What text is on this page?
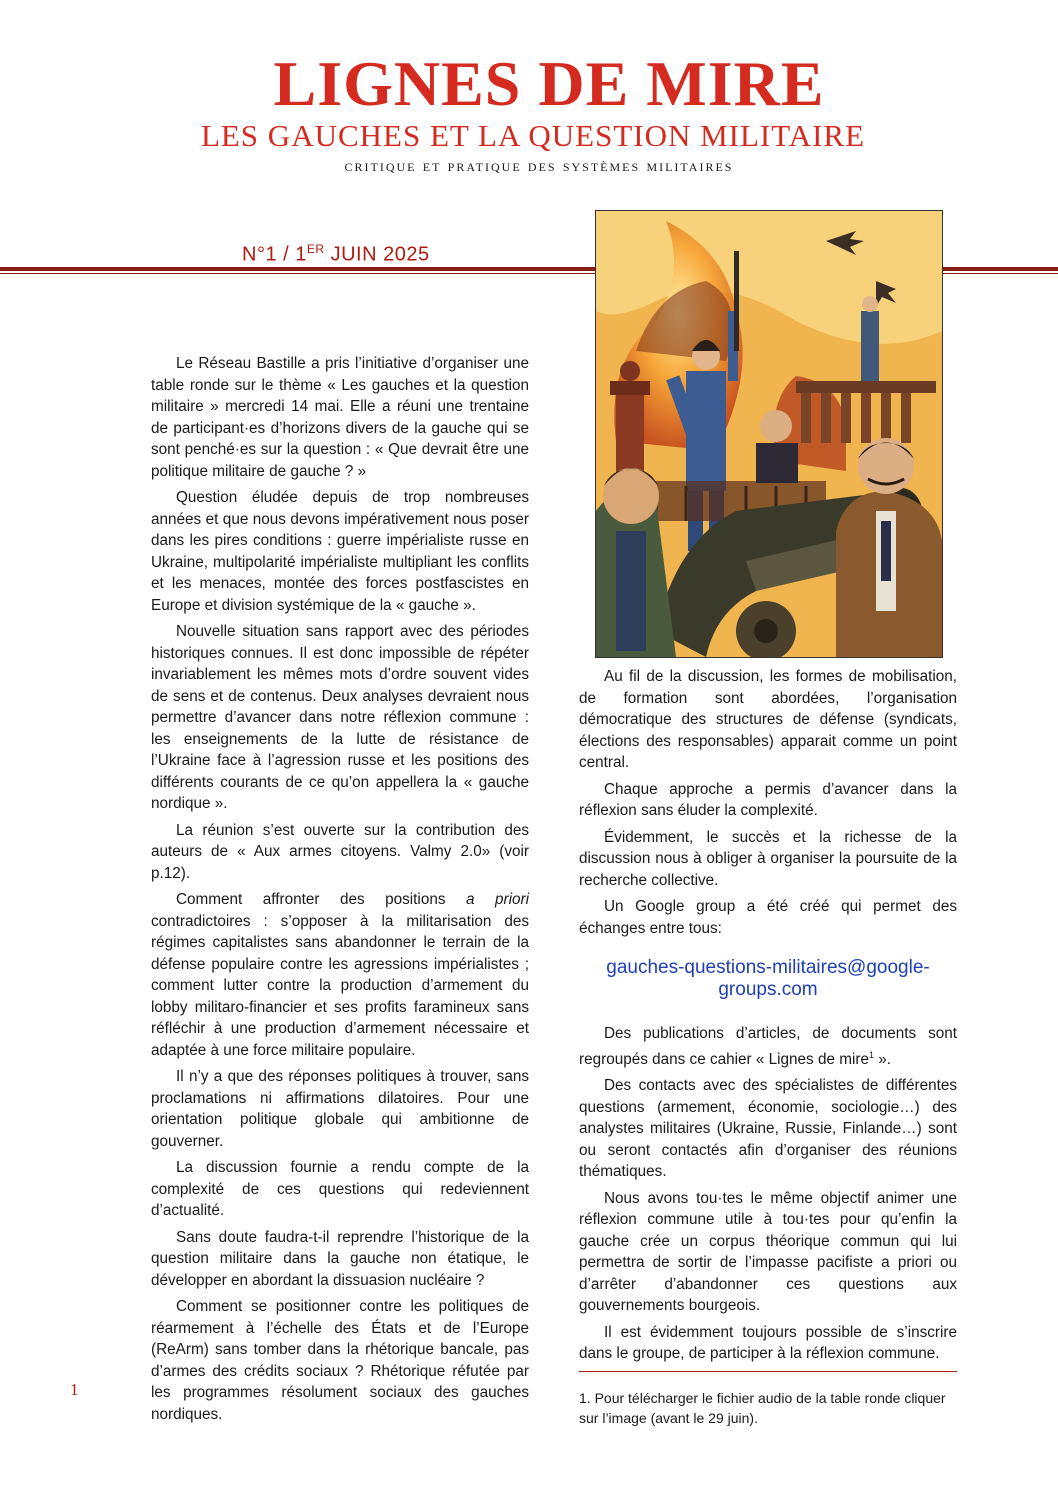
LIGNES DE MIRE
LES GAUCHES ET LA QUESTION MILITAIRE
critique et pratique des systèmes militaires
N°1 / 1ER JUIN 2025

Le Réseau Bastille a pris l’initiative d’organiser une table ronde sur le thème « Les gauches et la question militaire » mercredi 14 mai. Elle a réuni une trentaine de participant·es d’horizons divers de la gauche qui se sont penché·es sur la question : « Que devrait être une politique militaire de gauche ? »

Question éludée depuis de trop nombreuses années et que nous devons impérativement nous poser dans les pires conditions : guerre impérialiste russe en Ukraine, multipolarité impérialiste multipliant les conflits et les menaces, montée des forces postfascistes en Europe et division systémique de la « gauche ».

Nouvelle situation sans rapport avec des périodes historiques connues. Il est donc impossible de répéter invariablement les mêmes mots d’ordre souvent vides de sens et de contenus. Deux analyses devraient nous permettre d’avancer dans notre réflexion commune : les enseignements de la lutte de résistance de l’Ukraine face à l’agression russe et les positions des différents courants de ce qu’on appellera la « gauche nordique ».

La réunion s’est ouverte sur la contribution des auteurs de « Aux armes citoyens. Valmy 2.0» (voir p.12).

Comment affronter des positions a priori contradictoires : s’opposer à la militarisation des régimes capitalistes sans abandonner le terrain de la défense populaire contre les agressions impérialistes ; comment lutter contre la production d’armement du lobby militaro-financier et ses profits faramineux sans réfléchir à une production d’armement nécessaire et adaptée à une force militaire populaire.

Il n’y a que des réponses politiques à trouver, sans proclamations ni affirmations dilatoires. Pour une orientation politique globale qui ambitionne de gouverner.

La discussion fournie a rendu compte de la complexité de ces questions qui redeviennent d’actualité.

Sans doute faudra-t-il reprendre l’historique de la question militaire dans la gauche non étatique, le développer en abordant la dissuasion nucléaire ?

Comment se positionner contre les politiques de réarmement à l’échelle des États et de l’Europe (ReArm) sans tomber dans la rhétorique bancale, pas d’armes des crédits sociaux ? Rhétorique réfutée par les programmes résolument sociaux des gauches nordiques.

Au fil de la discussion, les formes de mobilisation, de formation sont abordées, l’organisation démocratique des structures de défense (syndicats, élections des responsables) apparait comme un point central.

Chaque approche a permis d’avancer dans la réflexion sans éluder la complexité.

Évidemment, le succès et la richesse de la discussion nous à obliger à organiser la poursuite de la recherche collective.

Un Google group a été créé qui permet des échanges entre tous:

gauches-questions-militaires@google-
groups.com

Des publications d’articles, de documents sont regroupés dans ce cahier « Lignes de mire$^1$ ».

Des contacts avec des spécialistes de différentes questions (armement, économie, sociologie…) des analystes militaires (Ukraine, Russie, Finlande…) sont ou seront contactés afin d’organiser des réunions thématiques.

Nous avons tou·tes le même objectif animer une réflexion commune utile à tou·tes pour qu’enfin la gauche crée un corpus théorique commun qui lui permettra de sortir de l’impasse pacifiste a priori ou d’arrêter d’abandonner ces questions aux gouvernements bourgeois.

Il est évidemment toujours possible de s’inscrire dans le groupe, de participer à la réflexion commune.

1. Pour télécharger le fichier audio de la table ronde cliquer sur l’image (avant le 29 juin).

1
